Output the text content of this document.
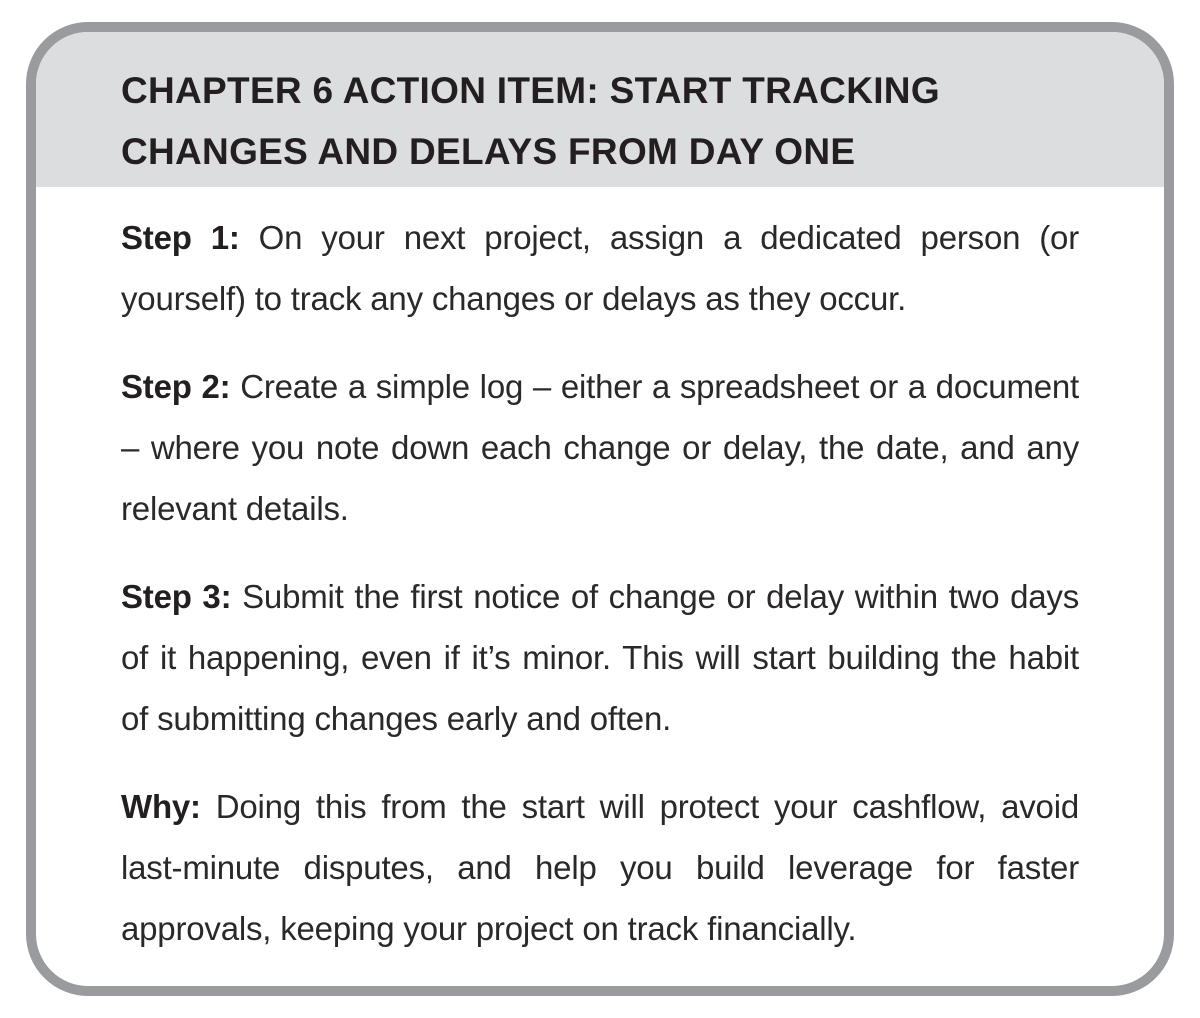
CHAPTER 6 ACTION ITEM: START TRACKING CHANGES AND DELAYS FROM DAY ONE

Step 1: On your next project, assign a dedicated person (or yourself) to track any changes or delays as they occur.

Step 2: Create a simple log – either a spreadsheet or a document – where you note down each change or delay, the date, and any relevant details.

Step 3: Submit the first notice of change or delay within two days of it happening, even if it’s minor. This will start building the habit of submitting changes early and often.

Why: Doing this from the start will protect your cashflow, avoid last-minute disputes, and help you build leverage for faster approvals, keeping your project on track financially.
